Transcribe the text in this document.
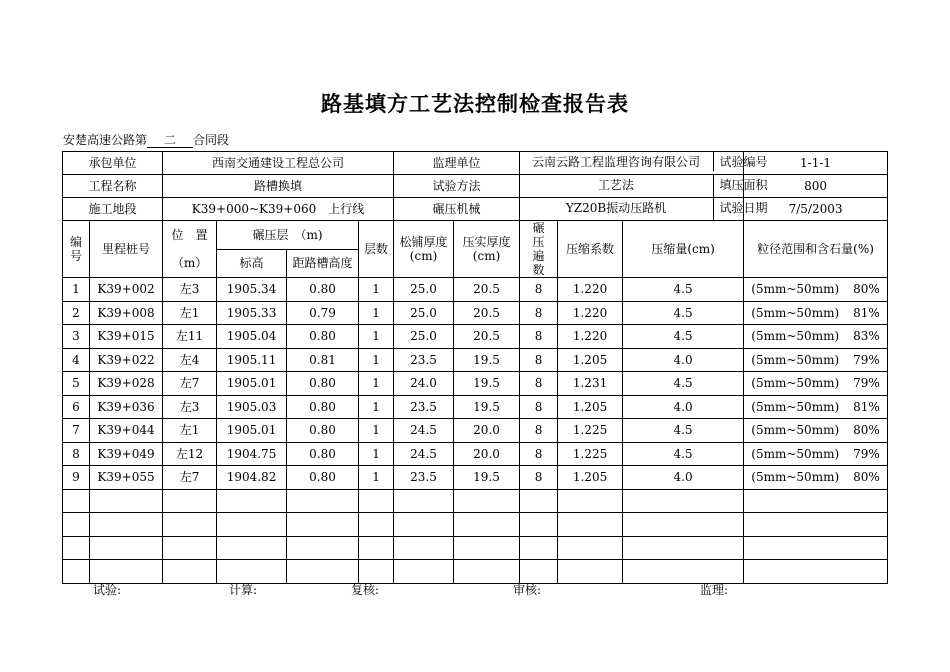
路基填方工艺法控制检查报告表
安楚高速公路第 二 合同段
承包单位		西南交通建设工程总公司				监理单位		云南云路工程监理咨询有限公司 试验编号			1-1-1
工程名称		路槽换填				试验方法		工艺法 填压面积			800
施工地段		K39+000~K39+060　上行线				碾压机械		YZ20B振动压路机 试验日期			7/5/2003
编号	里程桩号	位　置	碾压层　（m)		层数	松铺厚度(cm)	压实厚度(cm)	碾压遍数	压缩系数	压缩量(cm)	粒径范围和含石量(%)
		（m）	标高	距路槽高度							
1	K39+002	左3	1905.34	0.80	1	25.0	20.5	8	1.220	4.5	(5mm~50mm) 80%
2	K39+008	左1	1905.33	0.79	1	25.0	20.5	8	1.220	4.5	(5mm~50mm) 81%
3	K39+015	左11	1905.04	0.80	1	25.0	20.5	8	1.220	4.5	(5mm~50mm) 83%
4	K39+022	左4	1905.11	0.81	1	23.5	19.5	8	1.205	4.0	(5mm~50mm) 79%
5	K39+028	左7	1905.01	0.80	1	24.0	19.5	8	1.231	4.5	(5mm~50mm) 79%
6	K39+036	左3	1905.03	0.80	1	23.5	19.5	8	1.205	4.0	(5mm~50mm) 81%
7	K39+044	左1	1905.01	0.80	1	24.5	20.0	8	1.225	4.5	(5mm~50mm) 80%
8	K39+049	左12	1904.75	0.80	1	24.5	20.0	8	1.225	4.5	(5mm~50mm) 79%
9	K39+055	左7	1904.82	0.80	1	23.5	19.5	8	1.205	4.0	(5mm~50mm) 80%

试验:	计算:	复核:	审核:	监理:
